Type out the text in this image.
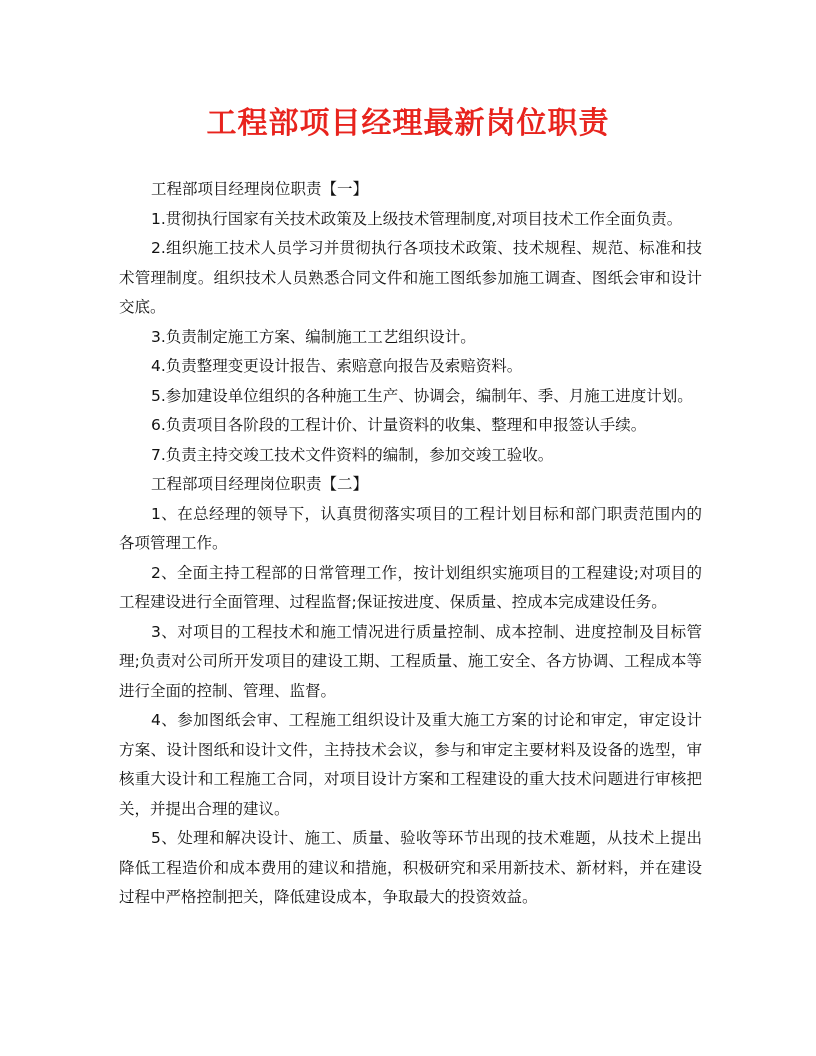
工程部项目经理最新岗位职责

工程部项目经理岗位职责【一】

1.贯彻执行国家有关技术政策及上级技术管理制度,对项目技术工作全面负责。

2.组织施工技术人员学习并贯彻执行各项技术政策、技术规程、规范、标准和技术管理制度。组织技术人员熟悉合同文件和施工图纸参加施工调查、图纸会审和设计交底。

3.负责制定施工方案、编制施工工艺组织设计。

4.负责整理变更设计报告、索赔意向报告及索赔资料。

5.参加建设单位组织的各种施工生产、协调会，编制年、季、月施工进度计划。

6.负责项目各阶段的工程计价、计量资料的收集、整理和申报签认手续。

7.负责主持交竣工技术文件资料的编制，参加交竣工验收。

工程部项目经理岗位职责【二】

1、在总经理的领导下，认真贯彻落实项目的工程计划目标和部门职责范围内的各项管理工作。

2、全面主持工程部的日常管理工作，按计划组织实施项目的工程建设;对项目的工程建设进行全面管理、过程监督;保证按进度、保质量、控成本完成建设任务。

3、对项目的工程技术和施工情况进行质量控制、成本控制、进度控制及目标管理;负责对公司所开发项目的建设工期、工程质量、施工安全、各方协调、工程成本等进行全面的控制、管理、监督。

4、参加图纸会审、工程施工组织设计及重大施工方案的讨论和审定，审定设计方案、设计图纸和设计文件，主持技术会议，参与和审定主要材料及设备的选型，审核重大设计和工程施工合同，对项目设计方案和工程建设的重大技术问题进行审核把关，并提出合理的建议。

5、处理和解决设计、施工、质量、验收等环节出现的技术难题，从技术上提出降低工程造价和成本费用的建议和措施，积极研究和采用新技术、新材料，并在建设过程中严格控制把关，降低建设成本，争取最大的投资效益。
